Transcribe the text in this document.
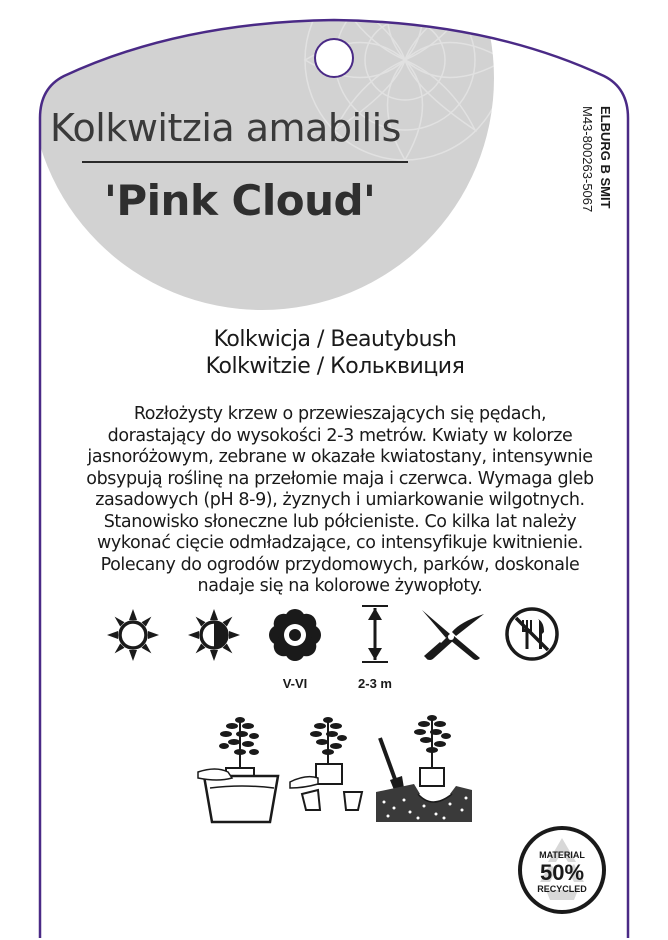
Kolkwitzia amabilis
'Pink Cloud'	ELBURG B SMIT
M43-800263-5067
Kolkwicja / Beautybush
Kolkwitzie / Кольквиция
Rozłożysty krzew o przewieszających się pędach,
dorastający do wysokości 2-3 metrów. Kwiaty w kolorze
jasnoróżowym, zebrane w okazałe kwiatostany, intensywnie
obsypują roślinę na przełomie maja i czerwca. Wymaga gleb
zasadowych (pH 8-9), żyznych i umiarkowanie wilgotnych.
Stanowisko słoneczne lub półcieniste. Co kilka lat należy
wykonać cięcie odmładzające, co intensyfikuje kwitnienie.
Polecany do ogrodów przydomowych, parków, doskonale
nadaje się na kolorowe żywopłoty.
V-VI	2-3 m
MATERIAL
50%
RECYCLED
